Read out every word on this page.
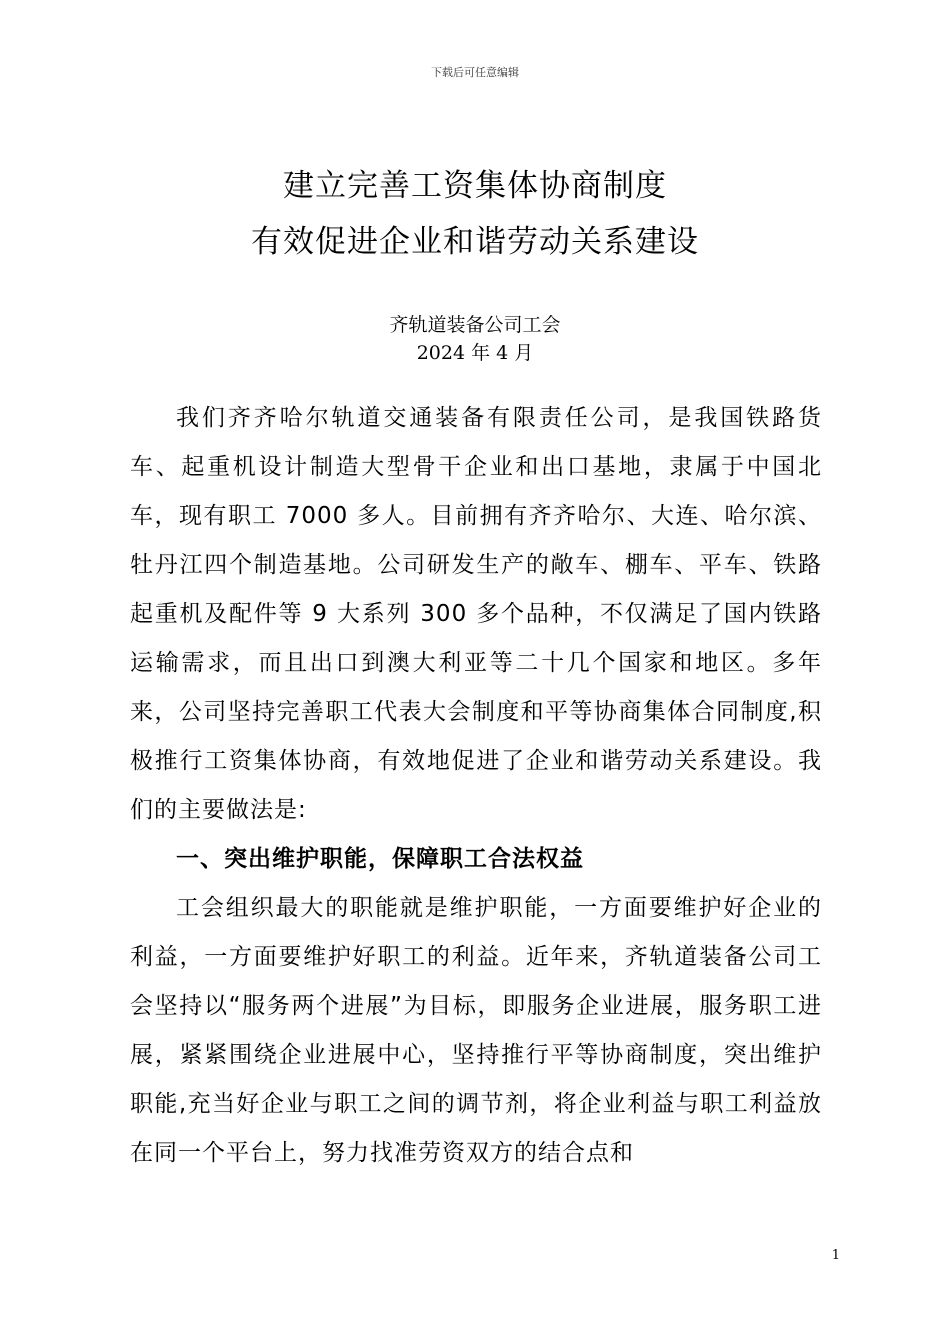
下载后可任意编辑
建立完善工资集体协商制度
有效促进企业和谐劳动关系建设
齐轨道装备公司工会
2024 年 4 月

我们齐齐哈尔轨道交通装备有限责任公司，是我国铁路货车、起重机设计制造大型骨干企业和出口基地，隶属于中国北车，现有职工 7000 多人。目前拥有齐齐哈尔、大连、哈尔滨、牡丹江四个制造基地。公司研发生产的敞车、棚车、平车、铁路起重机及配件等 9 大系列 300 多个品种，不仅满足了国内铁路运输需求，而且出口到澳大利亚等二十几个国家和地区。多年来，公司坚持完善职工代表大会制度和平等协商集体合同制度,积极推行工资集体协商，有效地促进了企业和谐劳动关系建设。我们的主要做法是:

一、突出维护职能，保障职工合法权益

工会组织最大的职能就是维护职能，一方面要维护好企业的利益，一方面要维护好职工的利益。近年来，齐轨道装备公司工会坚持以“服务两个进展”为目标，即服务企业进展，服务职工进展，紧紧围绕企业进展中心，坚持推行平等协商制度，突出维护职能,充当好企业与职工之间的调节剂，将企业利益与职工利益放在同一个平台上，努力找准劳资双方的结合点和

1
